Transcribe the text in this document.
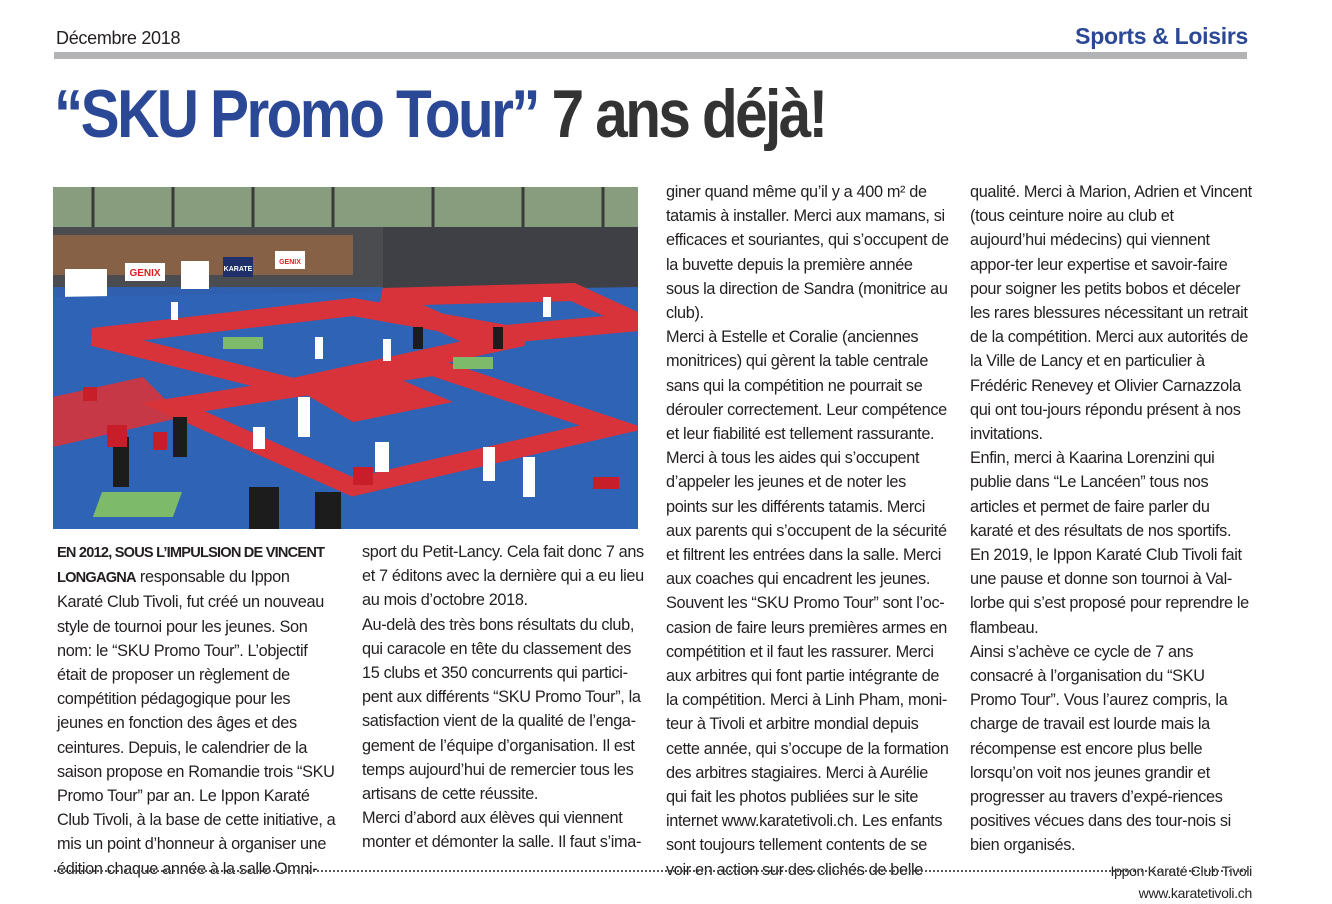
Décembre 2018	Sports & Loisirs
“SKU Promo Tour” 7 ans déjà!
GENIX	KARATE
GENIX

EN 2012, SOUS L’IMPULSION DE VINCENT LONGAGNA responsable du Ippon Karaté Club Tivoli, fut créé un nouveau style de tournoi pour les jeunes. Son nom: le “SKU Promo Tour”. L’objectif était de proposer un règlement de compétition pédagogique pour les jeunes en fonction des âges et des ceintures. Depuis, le calendrier de la saison propose en Romandie trois “SKU Promo Tour” par an. Le Ippon Karaté Club Tivoli, à la base de cette initiative, a mis un point d’honneur à organiser une édition chaque année à la salle Omni-

sport du Petit-Lancy. Cela fait donc 7 ans et 7 éditons avec la dernière qui a eu lieu au mois d’octobre 2018.

Au-delà des très bons résultats du club, qui caracole en tête du classement des 15 clubs et 350 concurrents qui partici-pent aux différents “SKU Promo Tour”, la satisfaction vient de la qualité de l’enga-gement de l’équipe d’organisation. Il est temps aujourd’hui de remercier tous les artisans de cette réussite.

Merci d’abord aux élèves qui viennent monter et démonter la salle. Il faut s’ima-

giner quand même qu’il y a 400 m² de tatamis à installer. Merci aux mamans, si efficaces et souriantes, qui s’occupent de la buvette depuis la première année sous la direction de Sandra (monitrice au club).

Merci à Estelle et Coralie (anciennes monitrices) qui gèrent la table centrale sans qui la compétition ne pourrait se dérouler correctement. Leur compétence et leur fiabilité est tellement rassurante.

Merci à tous les aides qui s’occupent d’appeler les jeunes et de noter les points sur les différents tatamis. Merci aux parents qui s’occupent de la sécurité et filtrent les entrées dans la salle. Merci aux coaches qui encadrent les jeunes. Souvent les “SKU Promo Tour” sont l’oc-casion de faire leurs premières armes en compétition et il faut les rassurer. Merci aux arbitres qui font partie intégrante de la compétition. Merci à Linh Pham, moni-teur à Tivoli et arbitre mondial depuis cette année, qui s’occupe de la formation des arbitres stagiaires. Merci à Aurélie qui fait les photos publiées sur le site internet www.karatetivoli.ch. Les enfants sont toujours tellement contents de se voir en action sur des clichés de belle

qualité. Merci à Marion, Adrien et Vincent (tous ceinture noire au club et aujourd’hui médecins) qui viennent appor-ter leur expertise et savoir-faire pour soigner les petits bobos et déceler les rares blessures nécessitant un retrait de la compétition. Merci aux autorités de la Ville de Lancy et en particulier à Frédéric Renevey et Olivier Carnazzola qui ont tou-jours répondu présent à nos invitations.

Enfin, merci à Kaarina Lorenzini qui publie dans “Le Lancéen” tous nos articles et permet de faire parler du karaté et des résultats de nos sportifs.

En 2019, le Ippon Karaté Club Tivoli fait une pause et donne son tournoi à Val-lorbe qui s’est proposé pour reprendre le flambeau.

Ainsi s’achève ce cycle de 7 ans consacré à l’organisation du “SKU Promo Tour”. Vous l’aurez compris, la charge de travail est lourde mais la récompense est encore plus belle lorsqu’on voit nos jeunes grandir et progresser au travers d’expé-riences positives vécues dans des tour-nois si bien organisés.

Ippon Karaté Club Tivoli
www.karatetivoli.ch
